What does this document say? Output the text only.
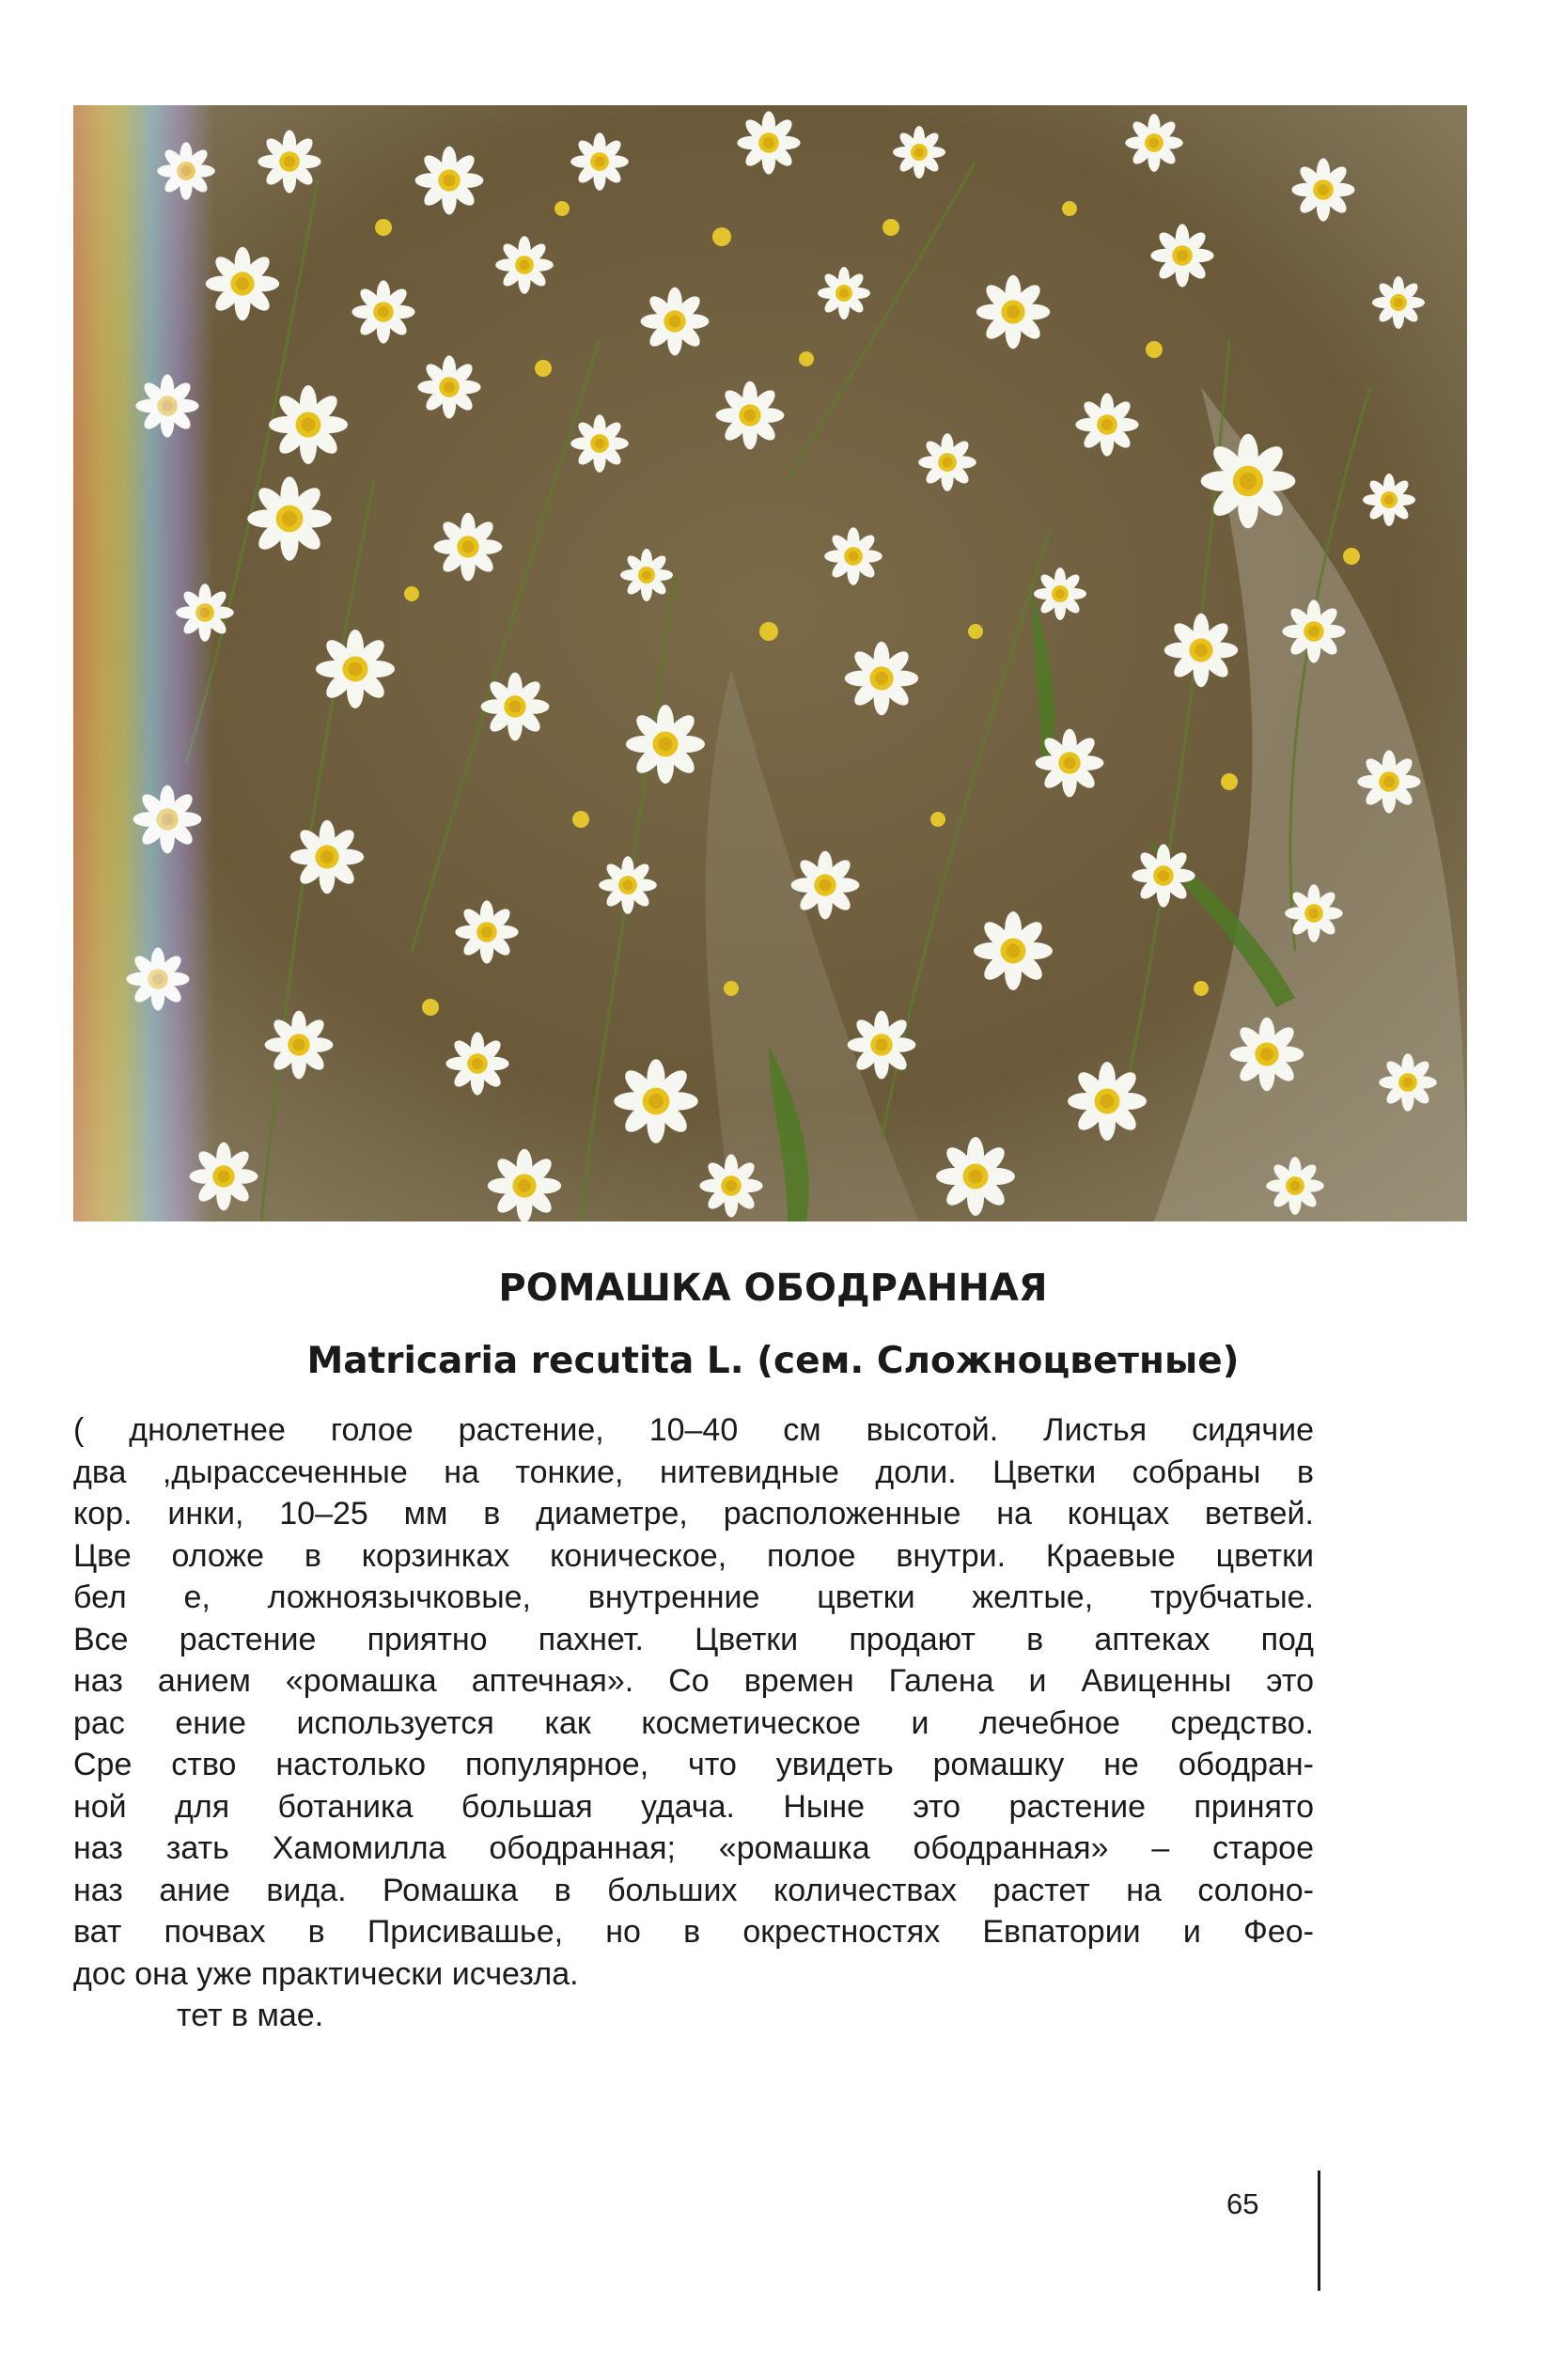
РОМАШКА ОБОДРАННАЯ
Matricaria recutita L. (сем. Сложноцветные)
( днолетнее голое растение, 10–40 см высотой. Листья сидячие
два ,дырассеченные на тонкие, нитевидные доли. Цветки собраны в
кор. инки, 10–25 мм в диаметре, расположенные на концах ветвей.
Цве оложе в корзинках коническое, полое внутри. Краевые цветки
бел е, ложноязычковые, внутренние цветки желтые, трубчатые.
Все растение приятно пахнет. Цветки продают в аптеках под
наз анием «ромашка аптечная». Со времен Галена и Авиценны это
рас ение используется как косметическое и лечебное средство.
Сре ство настолько популярное, что увидеть ромашку не ободран-
ной для ботаника большая удача. Ныне это растение принято
наз зать Хамомилла ободранная; «ромашка ободранная» – старое
наз ание вида. Ромашка в больших количествах растет на солоно-
ват почвах в Присивашье, но в окрестностях Евпатории и Фео-
дос она уже практически исчезла.
тет в мае.
65
